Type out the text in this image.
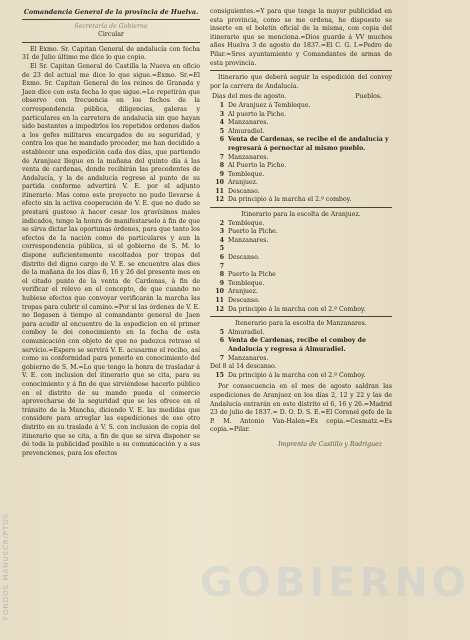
FONDOS MANUSCRIPTOS	GOBIERNO
Comandancia General de la provincia de Huelva.
Secretaría de Gobierno
Circular
El Exmo. Sr. Capitan General de andalucía con fecha 31 de Julio último me dice lo que copio.
El Sr. Capitan General de Castilla la Nueva en oficio de 23 del actual me dice lo que sigue.=Exmo. Sr.=El Exmo. Sr. Capitan General de los reinos de Granada y Jaen dice con esta fecha lo que sigue.=Le repetirán que observo con frecuencia en los fechos de la correspondencia pública, diligencias, galeras y particulares en la carretera de andalucía sin que hayan sido bastantes a impedirlos los repetidos ordenes dados a los gefes militares encargados de su seguridad, y contra los que he mandado proceder, me han decidido a establecer una espedición cada dos días, que partiendo de Aranjuez llegue en la mañana del quinto día á las venta de cardenas, donde recibirán las precedentes de Andalucía, y la de andalucía regrese al punto de su partida conforme advertirá V. E. por el adjunto itinerario. Mas como este proyecto no pudo llevarse á efecto sin la activa cooperación de V. E. que no dudo se prestará gustoso á hacer cesar los gravísimos males indicados, tengo la honra de manifestarselo á fin de que se sirva dictar las oportunas órdenes, para que tanto los efectos de la nación como de particulares y aun la correspondencia pública, si el gobierno de S. M. lo dispone suficientemente escoltados por tropas del distrito del digno cargo de V. E. se encuentre alas dies de la mañana de los días 6, 16 y 26 del presente mes en el citado punto de la venta de Cardenas, á fin de verificar el relevo en el concepto, de que cuando no hubiese efectos que convoyar verificarán la marcha las tropas para cubrir el camino.=Por si las órdenes de V. E. no llegasen á tiempo al comandante general de Jaen para acudir al encuentro de la espedicion en el primer comboy le doi conocimiento en la fecha de esta comunicación con objeto de que no padezca retraso el servicio.=Espero se servirá V. E. acusarme el recibo, así como su conformidad para ponerlo en conocimiento del gobierno de S. M.=Lo que tengo la honra de trasladar á V. E. con inclusion del itinerario que se cita, para su conocimiento y á fin de que sirviéndose hacerlo público en el distrito de su mando pueda el comercio aprovecharse de la seguridad que se les ofrece en el tránsito de la Mancha, diciendo V. E. las medidas que considere para arreglar las espediciones de ese otro distrito en su traslado á V. S. con inclusion de copia del itinerario que se cita, a fin de que se sirva disponer se dé toda la publicidad posible a su comunicación y a sus prevenciones, para los efectos
consiguientes.=Y para que tenga la mayor publicidad en esta provincia, como se me ordena, he dispuesto se inserte en el boletín oficial de la misma, con copia del itinerario que se menciona.=Dios guarde á VV muchos años Huelva 3 de agosto de 1837.=El C. G. I.=Pedro de Pilar.=Sres ayuntamiento y Comandantes de armas de esta provincia.
Itinerario que deberá seguir la espedición del convoy por la carrera de Andalucía.
Dias del mes de agosto.	Pueblos.
1 De Aranjuez á Tembleque.
3 Al puerto la Piche.
4 Manzanares.
5 Almuradiel.
6 Venta de Cardenas, se recibe el de andalucía y regresará á pernoctar al mismo pueblo.
7 Manzanares.
8 Al Puerto la Piche.
9 Tembleque.
10 Aranjuez.
11 Descanso.
12 Da principio á la marcha el 2.º comboy.
Itinerario para la escolta de Aranjuez.
2 Tembleque.
3 Puerto la Piche.
4 Manzanares.
5
6 Descanso.
7
8 Puerto la Piche
9 Tembleque.
10 Aranjuez.
11 Descanso.
12 Da principio á la marcha con el 2.º Comboy.
Itenerario para la escolta de Manzanares.
5 Almuradiel.
6 Venta de Cardenas, recibe el comboy de Andalucía y regresa á Almuradiel.
7 Manzanares.
Del 8 al 14 descanso.
15 Da principio á la marcha con el 2.º Comboy.
Por consecuencia en el mes de agosto saldran las espediciones de Aranjuez en los días 2, 12 y 22 y las de Andalucía entrarán en este distrito el 6, 16 y 26.=Madrid 23 de julio de 1837.= D. O. D. S. E.=El Coronel gefe de la P. M. Antonio Van-Halen=Es copia.=Cesmatz.=Es copia.=Pilar.
Imprenta de Castillo y Rodriguez
